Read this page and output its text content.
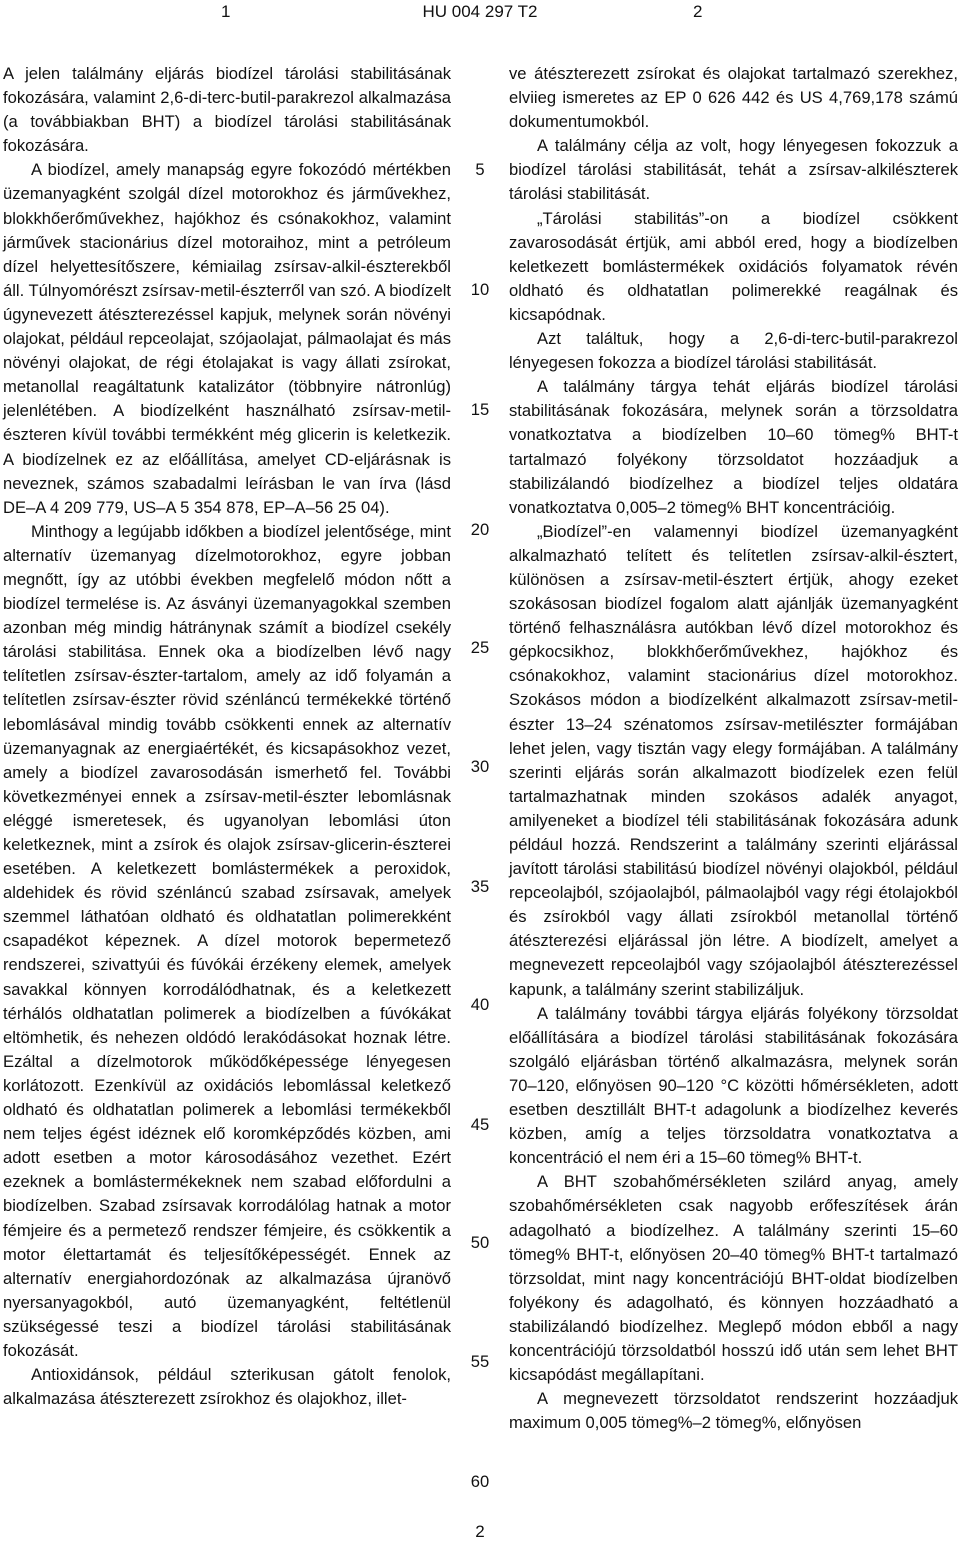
1	HU 004 297 T2	2

A jelen találmány eljárás biodízel tárolási stabilitásának fokozására, valamint 2,6-di-terc-butil-parakrezol alkalmazása (a továbbiakban BHT) a biodízel tárolási stabilitásának fokozására.

A biodízel, amely manapság egyre fokozódó mértékben üzemanyagként szolgál dízel motorokhoz és járművekhez, blokkhőerőművekhez, hajókhoz és csónakokhoz, valamint járművek stacionárius dízel motoraihoz, mint a petróleum dízel helyettesítőszere, kémiailag zsírsav-alkil-észterekből áll. Túlnyomórészt zsírsav-metil-észterről van szó. A biodízelt úgynevezett átészterezéssel kapjuk, melynek során növényi olajokat, például repceolajat, szójaolajat, pálmaolajat és más növényi olajokat, de régi étolajakat is vagy állati zsírokat, metanollal reagáltatunk katalizátor (többnyire nátronlúg) jelenlétében. A biodízelként használható zsírsav-metil-észteren kívül további termékként még glicerin is keletkezik. A biodízelnek ez az előállítása, amelyet CD-eljárásnak is neveznek, számos szabadalmi leírásban le van írva (lásd DE–A 4 209 779, US–A 5 354 878, EP–A–56 25 04).

Minthogy a legújabb időkben a biodízel jelentősége, mint alternatív üzemanyag dízelmotorokhoz, egyre jobban megnőtt, így az utóbbi években megfelelő módon nőtt a biodízel termelése is. Az ásványi üzemanyagokkal szemben azonban még mindig hátránynak számít a biodízel csekély tárolási stabilitása. Ennek oka a biodízelben lévő nagy telítetlen zsírsav-észter-tartalom, amely az idő folyamán a telítetlen zsírsav-észter rövid szénláncú termékekké történő lebomlásával mindig tovább csökkenti ennek az alternatív üzemanyagnak az energiaértékét, és kicsapásokhoz vezet, amely a biodízel zavarosodásán ismerhető fel. További következményei ennek a zsírsav-metil-észter lebomlásnak eléggé ismeretesek, és ugyanolyan lebomlási úton keletkeznek, mint a zsírok és olajok zsírsav-glicerin-észterei esetében. A keletkezett bomlástermékek a peroxidok, aldehidek és rövid szénláncú szabad zsírsavak, amelyek szemmel láthatóan oldható és oldhatatlan polimerekként csapadékot képeznek. A dízel motorok bepermetező rendszerei, szivattyúi és fúvókái érzékeny elemek, amelyek savakkal könnyen korrodálódhatnak, és a keletkezett térhálós oldhatatlan polimerek a biodízelben a fúvókákat eltömhetik, és nehezen oldódó lerakódásokat hoznak létre. Ezáltal a dízelmotorok működőképessége lényegesen korlátozott. Ezenkívül az oxidációs lebomlással keletkező oldható és oldhatatlan polimerek a lebomlási termékekből nem teljes égést idéznek elő koromképződés közben, ami adott esetben a motor károsodásához vezethet. Ezért ezeknek a bomlástermékeknek nem szabad előfordulni a biodízelben. Szabad zsírsavak korrodálólag hatnak a motor fémjeire és a permetező rendszer fémjeire, és csökkentik a motor élettartamát és teljesítőképességét. Ennek az alternatív energiahordozónak az alkalmazása újranövő nyersanyagokból, autó üzemanyagként, feltétlenül szükségessé teszi a biodízel tárolási stabilitásának fokozását.

Antioxidánsok, például szterikusan gátolt fenolok, alkalmazása átészterezett zsírokhoz és olajokhoz, illet-

ve átészterezett zsírokat és olajokat tartalmazó szerekhez, elviieg ismeretes az EP 0 626 442 és US 4,769,178 számú dokumentumokból.

A találmány célja az volt, hogy lényegesen fokozzuk a biodízel tárolási stabilitását, tehát a zsírsav-alkilészterek tárolási stabilitását.

„Tárolási stabilitás”-on a biodízel csökkent zavarosodását értjük, ami abból ered, hogy a biodízelben keletkezett bomlástermékek oxidációs folyamatok révén oldható és oldhatatlan polimerekké reagálnak és kicsapódnak.

Azt találtuk, hogy a 2,6-di-terc-butil-parakrezol lényegesen fokozza a biodízel tárolási stabilitását.

A találmány tárgya tehát eljárás biodízel tárolási stabilitásának fokozására, melynek során a törzsoldatra vonatkoztatva a biodízelben 10–60 tömeg% BHT-t tartalmazó folyékony törzsoldatot hozzáadjuk a stabilizálandó biodízelhez a biodízel teljes oldatára vonatkoztatva 0,005–2 tömeg% BHT koncentrációig.

„Biodízel”-en valamennyi biodízel üzemanyagként alkalmazható telített és telítetlen zsírsav-alkil-észtert, különösen a zsírsav-metil-észtert értjük, ahogy ezeket szokásosan biodízel fogalom alatt ajánlják üzemanyagként történő felhasználásra autókban lévő dízel motorokhoz és gépkocsikhoz, blokkhőerőművekhez, hajókhoz és csónakokhoz, valamint stacionárius dízel motorokhoz. Szokásos módon a biodízelként alkalmazott zsírsav-metil-észter 13–24 szénatomos zsírsav-metilészter formájában lehet jelen, vagy tisztán vagy elegy formájában. A találmány szerinti eljárás során alkalmazott biodízelek ezen felül tartalmazhatnak minden szokásos adalék anyagot, amilyeneket a biodízel téli stabilitásának fokozására adunk például hozzá. Rendszerint a találmány szerinti eljárással javított tárolási stabilitású biodízel növényi olajokból, például repceolajból, szójaolajból, pálmaolajból vagy régi étolajokból és zsírokból vagy állati zsírokból metanollal történő átészterezési eljárással jön létre. A biodízelt, amelyet a megnevezett repceolajból vagy szójaolajból átészterezéssel kapunk, a találmány szerint stabilizáljuk.

A találmány további tárgya eljárás folyékony törzsoldat előállítására a biodízel tárolási stabilitásának fokozására szolgáló eljárásban történő alkalmazásra, melynek során 70–120, előnyösen 90–120 °C közötti hőmérsékleten, adott esetben desztillált BHT-t adagolunk a biodízelhez keverés közben, amíg a teljes törzsoldatra vonatkoztatva a koncentráció el nem éri a 15–60 tömeg% BHT-t.

A BHT szobahőmérsékleten szilárd anyag, amely szobahőmérsékleten csak nagyobb erőfeszítések árán adagolható a biodízelhez. A találmány szerinti 15–60 tömeg% BHT-t, előnyösen 20–40 tömeg% BHT-t tartalmazó törzsoldat, mint nagy koncentrációjú BHT-oldat biodízelben folyékony és adagolható, és könnyen hozzáadható a stabilizálandó biodízelhez. Meglepő módon ebből a nagy koncentrációjú törzsoldatból hosszú idő után sem lehet BHT kicsapódást megállapítani.

A megnevezett törzsoldatot rendszerint hozzáadjuk maximum 0,005 tömeg%–2 tömeg%, előnyösen

5
10
15
20
25
30
35
40
45
50
55
60
2
